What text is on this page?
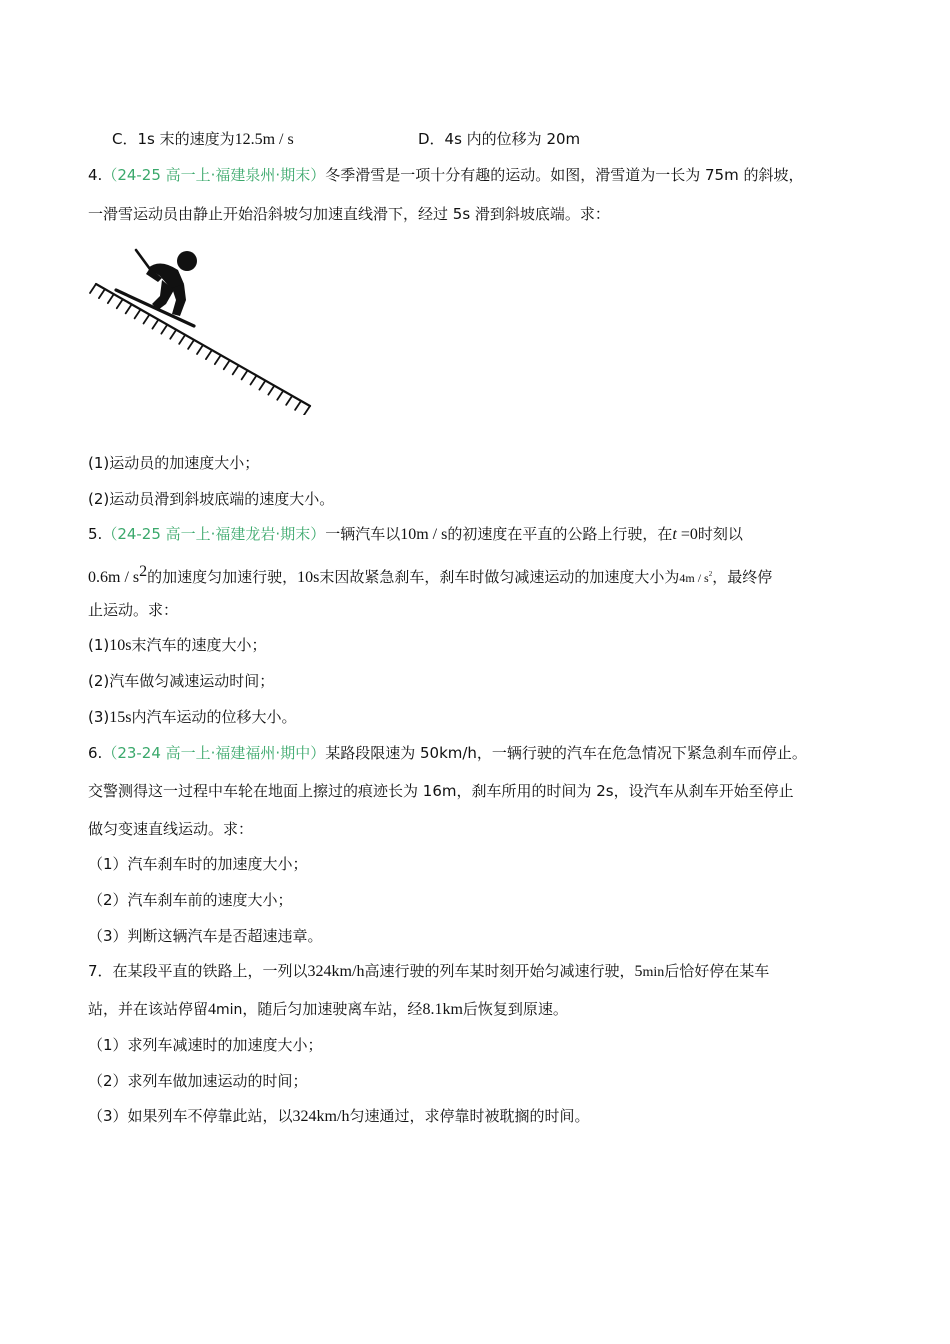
C．1s 末的速度为12.5m / s	D．4s 内的位移为 20m
4.（24-25 高一上·福建泉州·期末）冬季滑雪是一项十分有趣的运动。如图，滑雪道为一长为 75m 的斜坡，
一滑雪运动员由静止开始沿斜坡匀加速直线滑下，经过 5s 滑到斜坡底端。求：
(1)运动员的加速度大小；
(2)运动员滑到斜坡底端的速度大小。
5.（24-25 高一上·福建龙岩·期末）一辆汽车以10m / s的初速度在平直的公路上行驶，在t =0时刻以
$0.6m / s^2$的加速度匀加速行驶，10s末因故紧急刹车，刹车时做匀减速运动的加速度大小为$4m / s^2$，最终停
止运动。求：
(1)10s末汽车的速度大小；
(2)汽车做匀减速运动时间；
(3)15s内汽车运动的位移大小。
6.（23-24 高一上·福建福州·期中）某路段限速为 50km/h，一辆行驶的汽车在危急情况下紧急刹车而停止。
交警测得这一过程中车轮在地面上擦过的痕迹长为 16m，刹车所用的时间为 2s，设汽车从刹车开始至停止
做匀变速直线运动。求：
（1）汽车刹车时的加速度大小；
（2）汽车刹车前的速度大小；
（3）判断这辆汽车是否超速违章。
7．在某段平直的铁路上，一列以324km/h高速行驶的列车某时刻开始匀减速行驶，5min后恰好停在某车
站，并在该站停留4min，随后匀加速驶离车站，经8.1km后恢复到原速。
（1）求列车减速时的加速度大小；
（2）求列车做加速运动的时间；
（3）如果列车不停靠此站，以324km/h匀速通过，求停靠时被耽搁的时间。
